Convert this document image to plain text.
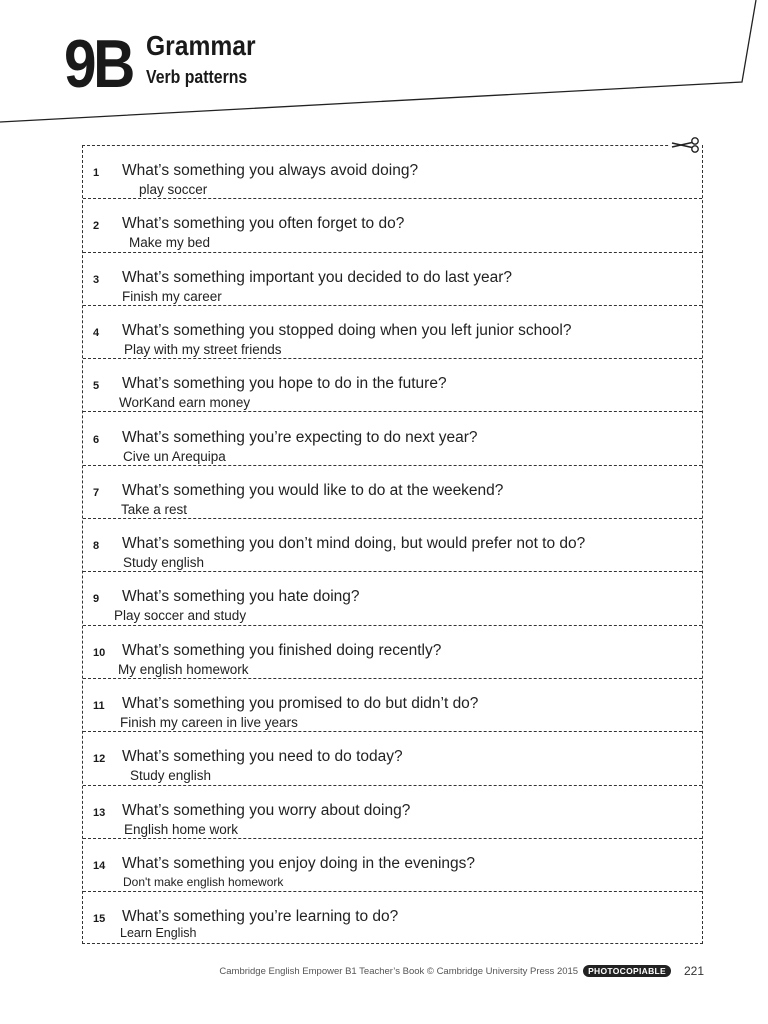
9B Grammar
Verb patterns
1 What’s something you always avoid doing?
play soccer
2 What’s something you often forget to do?
Make my bed
3 What’s something important you decided to do last year?
Finish my career
4 What’s something you stopped doing when you left junior school?
Play with my street friends
5 What’s something you hope to do in the future?
WorKand earn money
6 What’s something you’re expecting to do next year?
Cive un Arequipa
7 What’s something you would like to do at the weekend?
Take a rest
8 What’s something you don’t mind doing, but would prefer not to do?
Study english
9 What’s something you hate doing?
Play soccer and study
10 What’s something you finished doing recently?
My english homework
11 What’s something you promised to do but didn’t do?
Finish my careen in live years
12 What’s something you need to do today?
Study english
13 What’s something you worry about doing?
English home work
14 What’s something you enjoy doing in the evenings?
Don't make english homework
15 What’s something you’re learning to do?
Learn English
Cambridge English Empower B1 Teacher’s Book © Cambridge University Press 2015	PHOTOCOPIABLE	221
